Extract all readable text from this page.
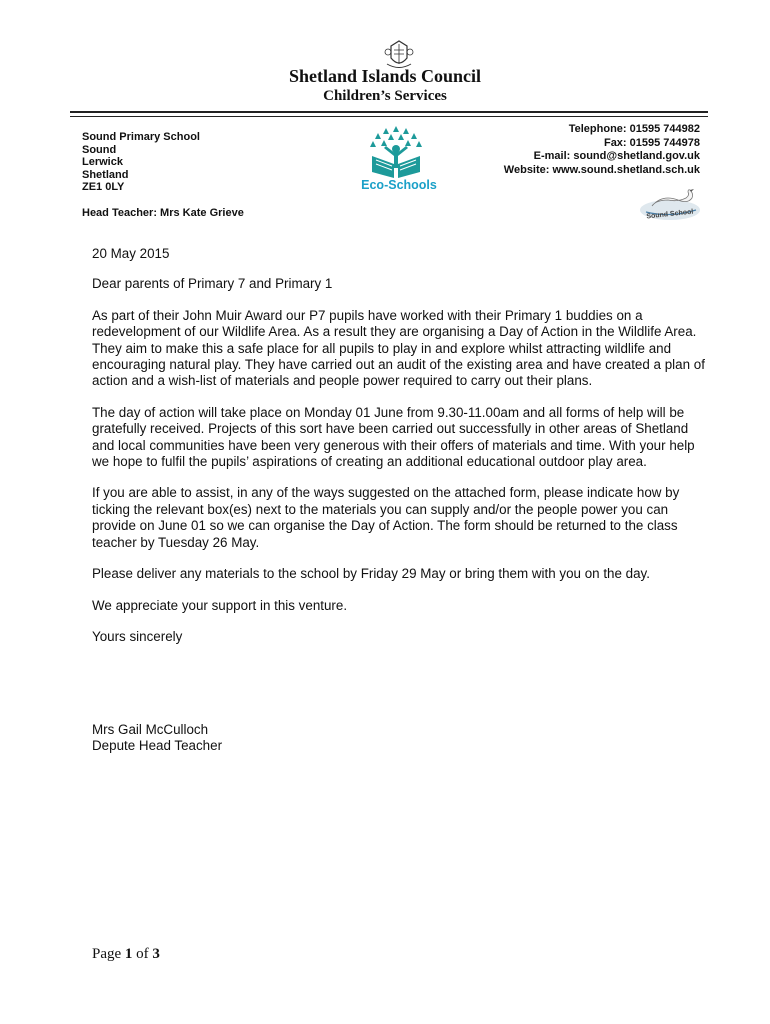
Shetland Islands Council
Children’s Services
Sound Primary School
Sound
Lerwick
Shetland
ZE1 0LY
Head Teacher: Mrs Kate Grieve
Eco-Schools
Telephone: 01595 744982
Fax: 01595 744978
E-mail: sound@shetland.gov.uk
Website: www.sound.shetland.sch.uk
Sound School

20 May 2015

Dear parents of Primary 7 and Primary 1

As part of their John Muir Award our P7 pupils have worked with their Primary 1 buddies on a redevelopment of our Wildlife Area. As a result they are organising a Day of Action in the Wildlife Area. They aim to make this a safe place for all pupils to play in and explore whilst attracting wildlife and encouraging natural play. They have carried out an audit of the existing area and have created a plan of action and a wish-list of materials and people power required to carry out their plans.

The day of action will take place on Monday 01 June from 9.30-11.00am and all forms of help will be gratefully received. Projects of this sort have been carried out successfully in other areas of Shetland and local communities have been very generous with their offers of materials and time. With your help we hope to fulfil the pupils’ aspirations of creating an additional educational outdoor play area.

If you are able to assist, in any of the ways suggested on the attached form, please indicate how by ticking the relevant box(es) next to the materials you can supply and/or the people power you can provide on June 01 so we can organise the Day of Action. The form should be returned to the class teacher by Tuesday 26 May.

Please deliver any materials to the school by Friday 29 May or bring them with you on the day.

We appreciate your support in this venture.

Yours sincerely

Mrs Gail McCulloch
Depute Head Teacher
Page 1 of 3
